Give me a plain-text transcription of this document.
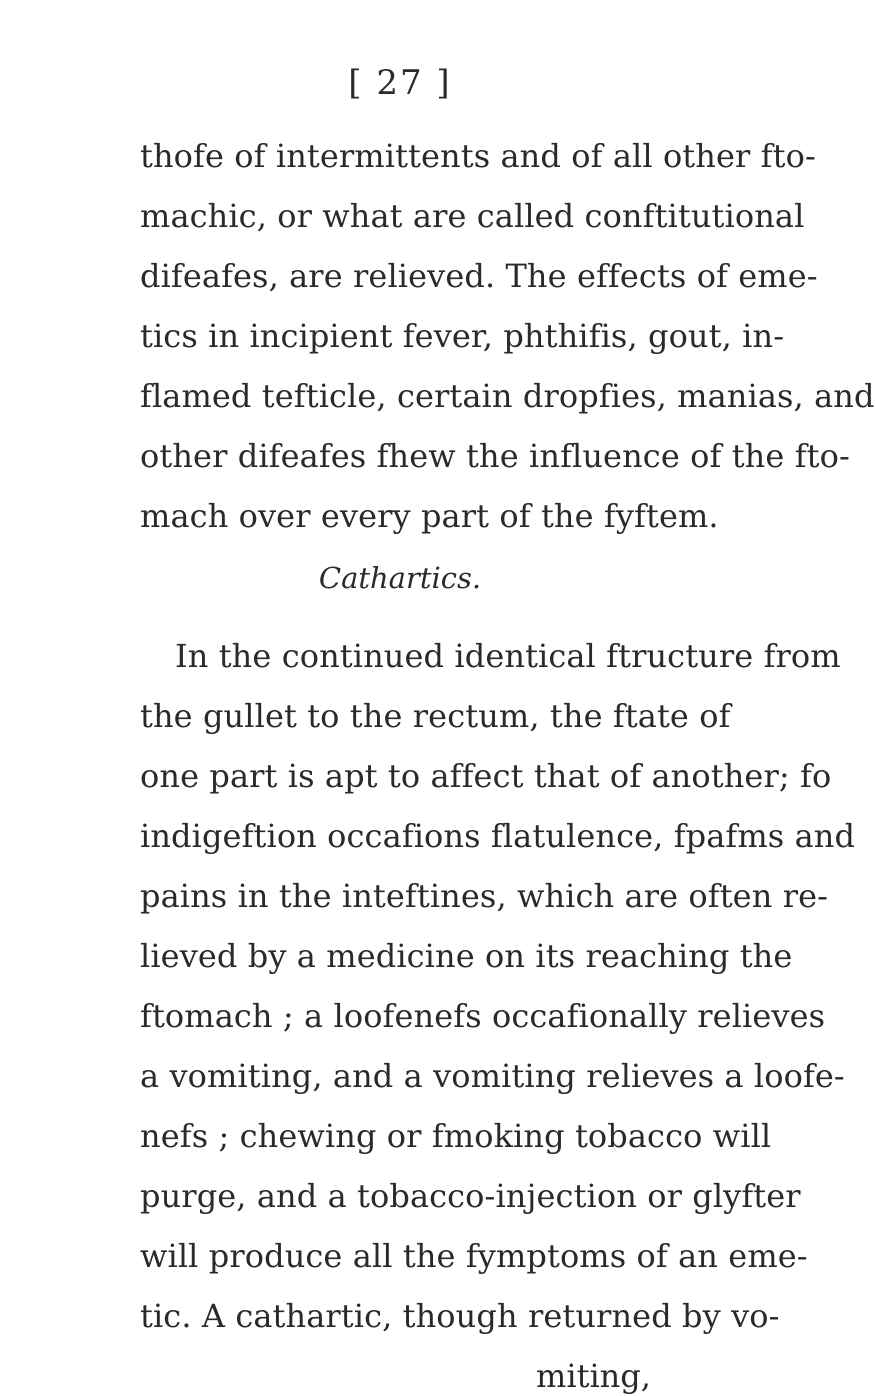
[ 27 ]
thofe of intermittents and of all other fto-
machic, or what are called conftitutional
difeafes, are relieved. The effects of eme-
tics in incipient fever, phthifis, gout, in-
flamed tefticle, certain dropfies, manias, and
other difeafes fhew the influence of the fto-
mach over every part of the fyftem.
Cathartics.
In the continued identical ftructure from
the gullet to the rectum, the ftate of
one part is apt to affect that of another; fo
indigeftion occafions flatulence, fpafms and
pains in the inteftines, which are often re-
lieved by a medicine on its reaching the
ftomach ; a loofenefs occafionally relieves
a vomiting, and a vomiting relieves a loofe-
nefs ; chewing or fmoking tobacco will
purge, and a tobacco-injection or glyfter
will produce all the fymptoms of an eme-
tic. A cathartic, though returned by vo-
miting,
